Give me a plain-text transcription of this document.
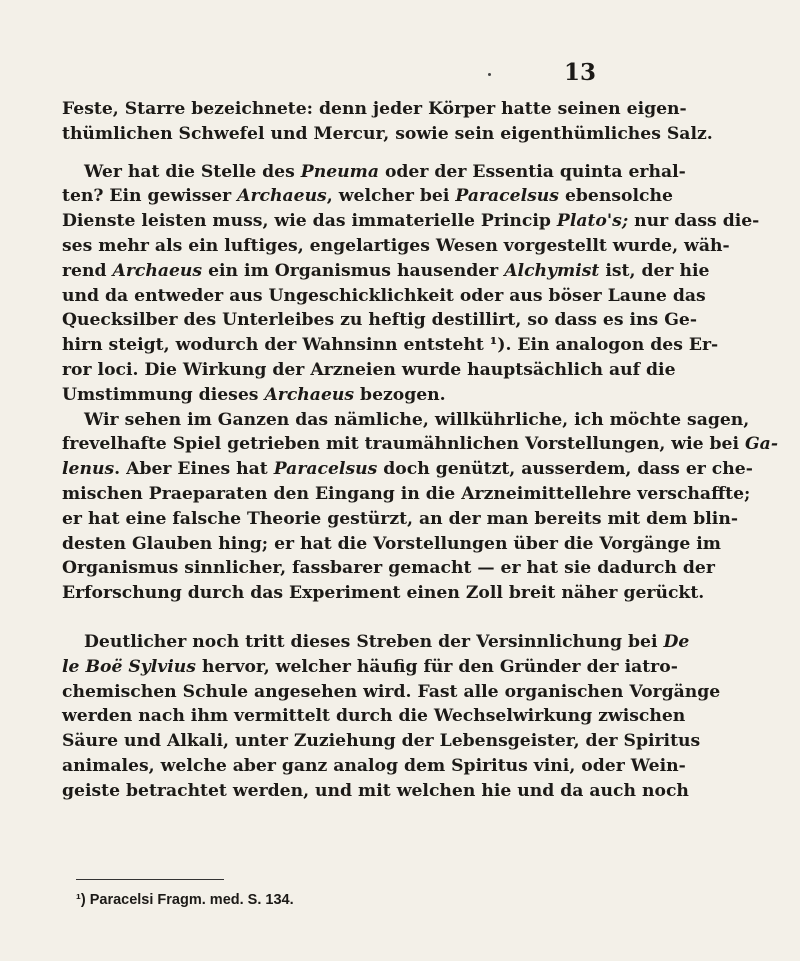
13
Feste, Starre bezeichnete: denn jeder Körper hatte seinen eigen-
thümlichen Schwefel und Mercur, sowie sein eigenthümliches Salz.
Wer hat die Stelle des Pneuma oder der Essentia quinta erhal-
ten? Ein gewisser Archaeus, welcher bei Paracelsus ebensolche
Dienste leisten muss, wie das immaterielle Princip Plato's; nur dass die-
ses mehr als ein luftiges, engelartiges Wesen vorgestellt wurde, wäh-
rend Archaeus ein im Organismus hausender Alchymist ist, der hie
und da entweder aus Ungeschicklichkeit oder aus böser Laune das
Quecksilber des Unterleibes zu heftig destillirt, so dass es ins Ge-
hirn steigt, wodurch der Wahnsinn entsteht ¹). Ein analogon des Er-
ror loci. Die Wirkung der Arzneien wurde hauptsächlich auf die
Umstimmung dieses Archaeus bezogen.
Wir sehen im Ganzen das nämliche, willkührliche, ich möchte sagen,
frevelhafte Spiel getrieben mit traumähnlichen Vorstellungen, wie bei Ga-
lenus. Aber Eines hat Paracelsus doch genützt, ausserdem, dass er che-
mischen Praeparaten den Eingang in die Arzneimittellehre verschaffte;
er hat eine falsche Theorie gestürzt, an der man bereits mit dem blin-
desten Glauben hing; er hat die Vorstellungen über die Vorgänge im
Organismus sinnlicher, fassbarer gemacht — er hat sie dadurch der
Erforschung durch das Experiment einen Zoll breit näher gerückt.
Deutlicher noch tritt dieses Streben der Versinnlichung bei De
le Boë Sylvius hervor, welcher häufig für den Gründer der iatro-
chemischen Schule angesehen wird. Fast alle organischen Vorgänge
werden nach ihm vermittelt durch die Wechselwirkung zwischen
Säure und Alkali, unter Zuziehung der Lebensgeister, der Spiritus
animales, welche aber ganz analog dem Spiritus vini, oder Wein-
geiste betrachtet werden, und mit welchen hie und da auch noch
¹) Paracelsi Fragm. med. S. 134.
